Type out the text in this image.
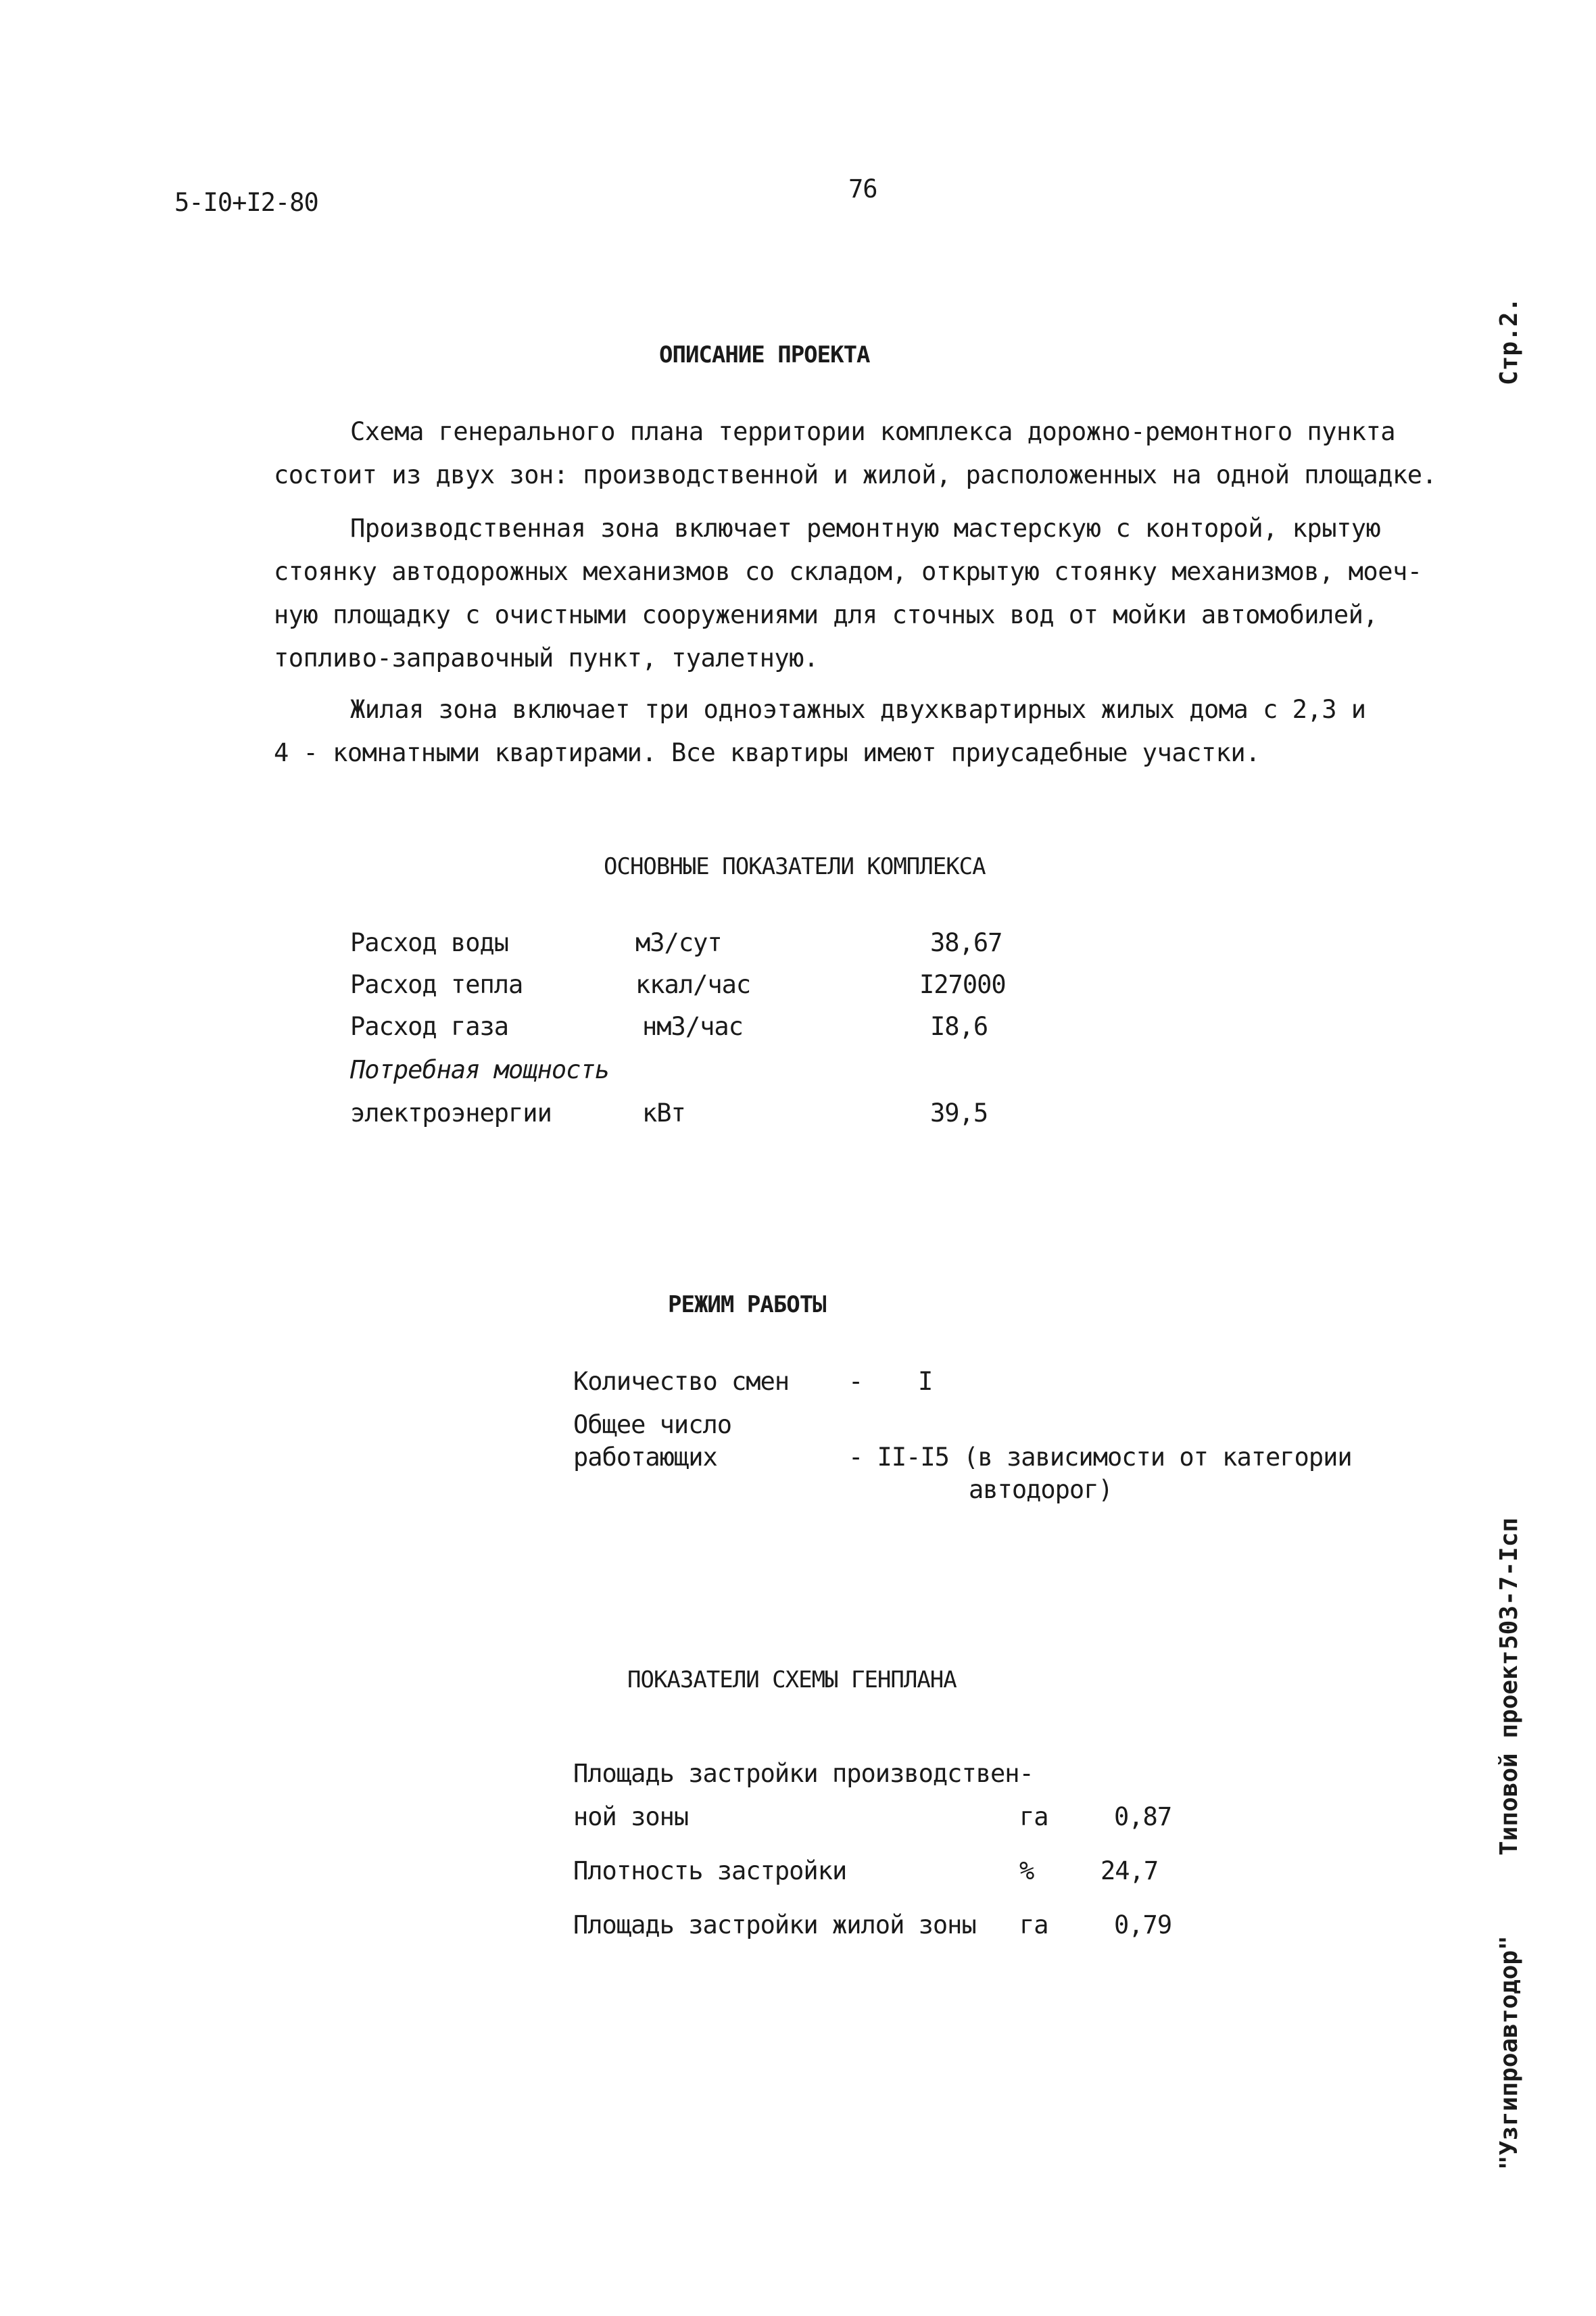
5-I0+I2-80	76
Стр.2.
503-7-Iсп
Типовой проект
"Узгипроавтодор"
ОПИСАНИЕ ПРОЕКТА
Схема генерального плана территории комплекса дорожно-ремонтного пункта
состоит из двух зон: производственной и жилой, расположенных на одной площадке.
Производственная зона включает ремонтную мастерскую с конторой, крытую
стоянку автодорожных механизмов со складом, открытую стоянку механизмов, моеч-
ную площадку с очистными сооружениями для сточных вод от мойки автомобилей,
топливо-заправочный пункт, туалетную.
Жилая зона включает три одноэтажных двухквартирных жилых дома с 2,3 и
4 - комнатными квартирами. Все квартиры имеют приусадебные участки.
ОСНОВНЫЕ ПОКАЗАТЕЛИ КОМПЛЕКСА
Расход воды	м3/сут	38,67
Расход тепла	ккал/час	I27000
Расход газа	нм3/час	I8,6
Потребная мощность
электроэнергии	кВт	39,5
РЕЖИМ РАБОТЫ
Количество смен - I
Общее число
работающих	- II-I5 (в зависимости от категории
автодорог)
ПОКАЗАТЕЛИ СХЕМЫ ГЕНПЛАНА
Площадь застройки производствен-
ной зоны	га	0,87
Плотность застройки	%	24,7
Площадь застройки жилой зоны га	0,79
